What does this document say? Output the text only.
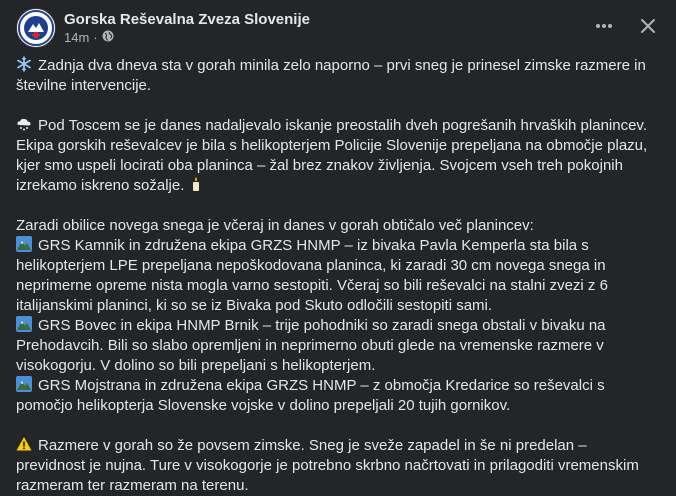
Gorska Reševalna Zveza Slovenije
14m ·

Zadnja dva dneva sta v gorah minila zelo naporno – prvi sneg je prinesel zimske razmere in številne intervencije.

Pod Toscem se je danes nadaljevalo iskanje preostalih dveh pogrešanih hrvaških planincev. Ekipa gorskih reševalcev je bila s helikopterjem Policije Slovenije prepeljana na območje plazu, kjer smo uspeli locirati oba planinca – žal brez znakov življenja. Svojcem vseh treh pokojnih izrekamo iskreno sožalje.

Zaradi obilice novega snega je včeraj in danes v gorah obtičalo več planincev:

GRS Kamnik in združena ekipa GRZS HNMP – iz bivaka Pavla Kemperla sta bila s helikopterjem LPE prepeljana nepoškodovana planinca, ki zaradi 30 cm novega snega in neprimerne opreme nista mogla varno sestopiti. Včeraj so bili reševalci na stalni zvezi z 6 italijanskimi planinci, ki so se iz Bivaka pod Skuto odločili sestopiti sami.

GRS Bovec in ekipa HNMP Brnik – trije pohodniki so zaradi snega obstali v bivaku na Prehodavcih. Bili so slabo opremljeni in neprimerno obuti glede na vremenske razmere v visokogorju. V dolino so bili prepeljani s helikopterjem.

GRS Mojstrana in združena ekipa GRZS HNMP – z območja Kredarice so reševalci s pomočjo helikopterja Slovenske vojske v dolino prepeljali 20 tujih gornikov.

Razmere v gorah so že povsem zimske. Sneg je sveže zapadel in še ni predelan – previdnost je nujna. Ture v visokogorje je potrebno skrbno načrtovati in prilagoditi vremenskim razmeram ter razmeram na terenu.
